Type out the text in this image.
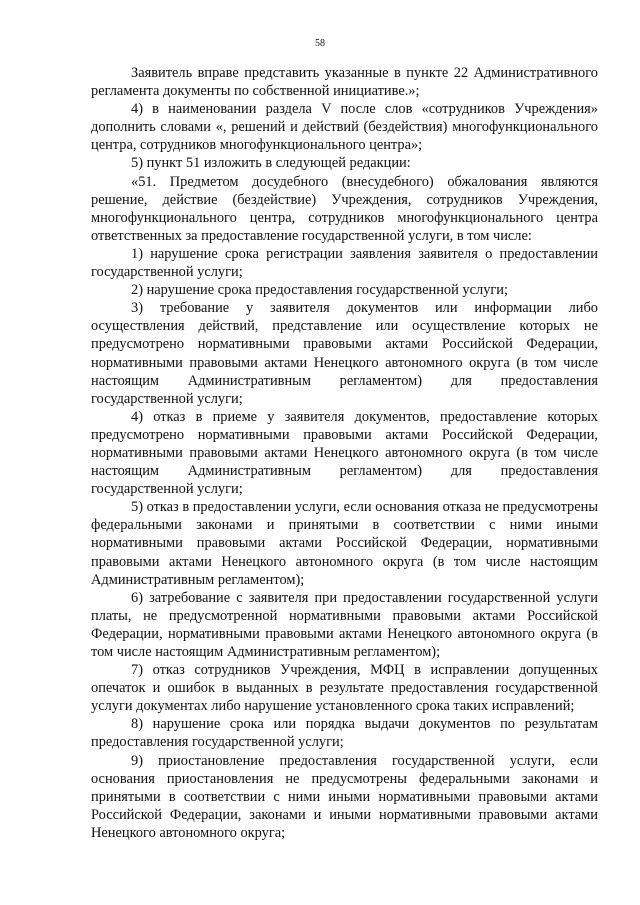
58

Заявитель вправе представить указанные в пункте 22 Административного регламента документы по собственной инициативе.»;

4) в наименовании раздела V после слов «сотрудников Учреждения» дополнить словами «, решений и действий (бездействия) многофункционального центра, сотрудников многофункционального центра»;

5) пункт 51 изложить в следующей редакции:

«51. Предметом досудебного (внесудебного) обжалования являются решение, действие (бездействие) Учреждения, сотрудников Учреждения, многофункционального центра, сотрудников многофункционального центра ответственных за предоставление государственной услуги, в том числе:

1) нарушение срока регистрации заявления заявителя о предоставлении государственной услуги;

2) нарушение срока предоставления государственной услуги;

3) требование у заявителя документов или информации либо осуществления действий, представление или осуществление которых не предусмотрено нормативными правовыми актами Российской Федерации, нормативными правовыми актами Ненецкого автономного округа (в том числе настоящим Административным регламентом) для предоставления государственной услуги;

4) отказ в приеме у заявителя документов, предоставление которых предусмотрено нормативными правовыми актами Российской Федерации, нормативными правовыми актами Ненецкого автономного округа (в том числе настоящим Административным регламентом) для предоставления государственной услуги;

5) отказ в предоставлении услуги, если основания отказа не предусмотрены федеральными законами и принятыми в соответствии с ними иными нормативными правовыми актами Российской Федерации, нормативными правовыми актами Ненецкого автономного округа (в том числе настоящим Административным регламентом);

6) затребование с заявителя при предоставлении государственной услуги платы, не предусмотренной нормативными правовыми актами Российской Федерации, нормативными правовыми актами Ненецкого автономного округа (в том числе настоящим Административным регламентом);

7) отказ сотрудников Учреждения, МФЦ в исправлении допущенных опечаток и ошибок в выданных в результате предоставления государственной услуги документах либо нарушение установленного срока таких исправлений;

8) нарушение срока или порядка выдачи документов по результатам предоставления государственной услуги;

9) приостановление предоставления государственной услуги, если основания приостановления не предусмотрены федеральными законами и принятыми в соответствии с ними иными нормативными правовыми актами Российской Федерации, законами и иными нормативными правовыми актами Ненецкого автономного округа;
